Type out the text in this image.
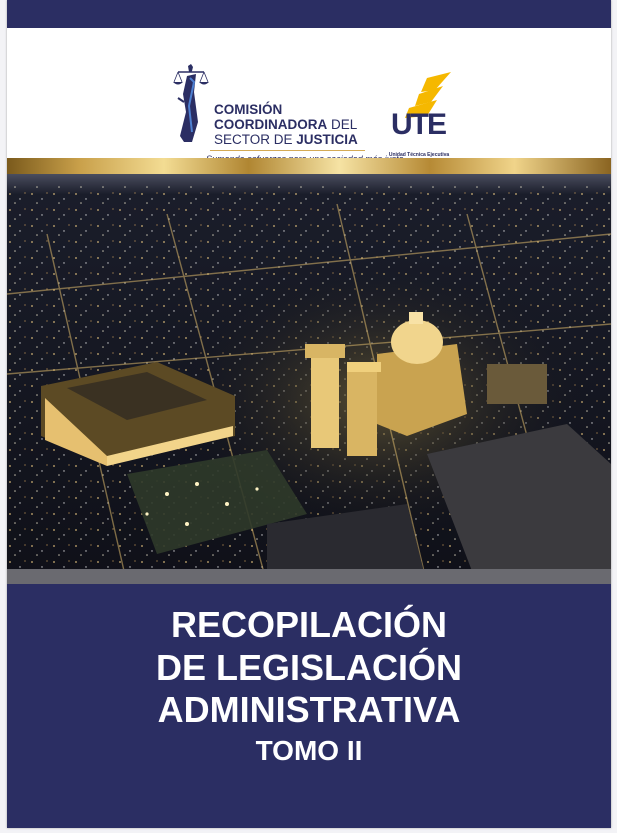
COMISIÓN
COORDINADORA DEL
SECTOR DE JUSTICIA UTE
Unidad Técnica Ejecutiva

RECOPILACIÓN
DE LEGISLACIÓN
ADMINISTRATIVA
TOMO II
